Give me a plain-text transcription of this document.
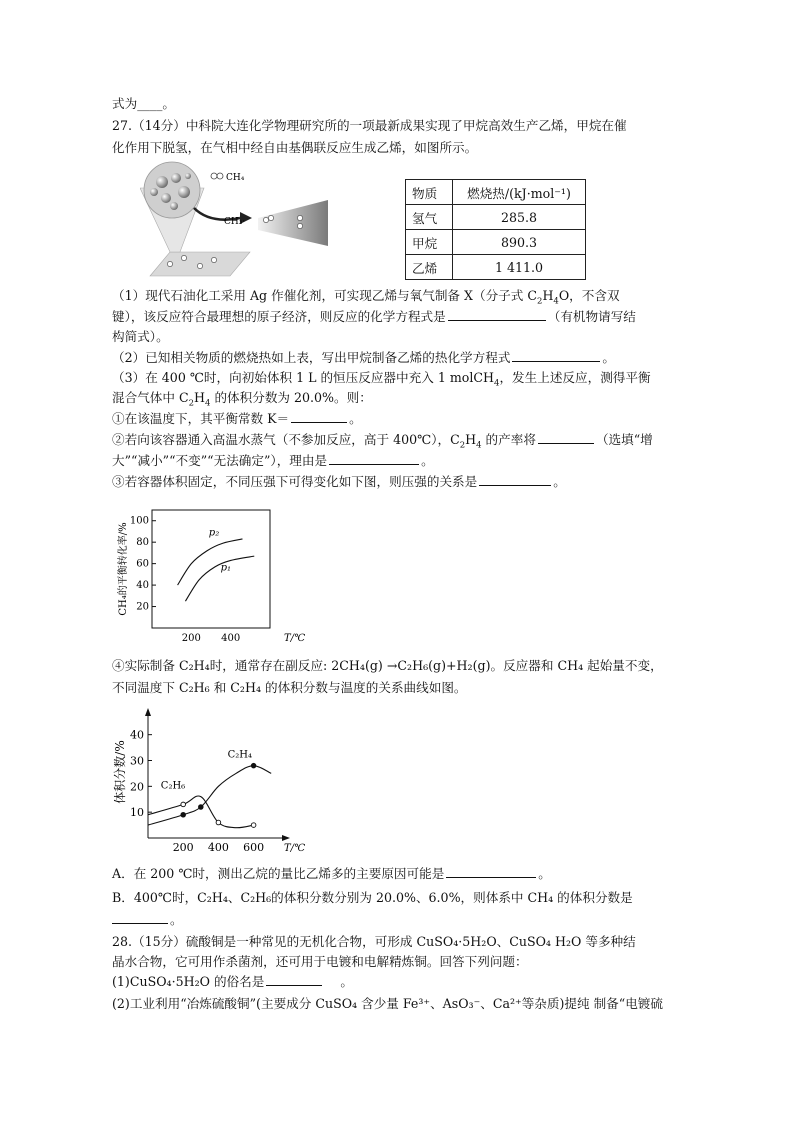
式为____。
27.（14分）中科院大连化学物理研究所的一项最新成果实现了甲烷高效生产乙烯，甲烷在催
化作用下脱氢，在气相中经自由基偶联反应生成乙烯，如图所示。
CH₄
CH₃·
物质	燃烧热/(kJ·mol⁻¹)
氢气	285.8
甲烷	890.3
乙烯	1 411.0
（1）现代石油化工采用 Ag 作催化剂，可实现乙烯与氧气制备 X（分子式 $C_2H_4O$，不含双
键），该反应符合最理想的原子经济，则反应的化学方程式是	（有机物请写结
构简式）。
（2）已知相关物质的燃烧热如上表，写出甲烷制备乙烯的热化学方程式	。
（3）在 400 ℃时，向初始体积 1 L 的恒压反应器中充入 1 molCH$_4$，发生上述反应，测得平衡
混合气体中 $C_2H_4$ 的体积分数为 20.0%。则：
①在该温度下，其平衡常数 K＝	。
②若向该容器通入高温水蒸气（不参加反应，高于 400℃），$C_2H_4$ 的产率将	（选填“增
大”“减小”“不变”“无法确定”），理由是	。
③若容器体积固定，不同压强下可得变化如下图，则压强的关系是	。
20
40
60
80
100
200 400	T/℃
CH₄的平衡转化率/%	p₂
p₁
④实际制备 C₂H₄时，通常存在副反应: 2CH₄(g) →C₂H₆(g)+H₂(g)。反应器和 CH₄ 起始量不变，
不同温度下 C₂H₆ 和 C₂H₄ 的体积分数与温度的关系曲线如图。
10
20
30
40
200 400 600 T/℃
体积分数/%	C₂H₄
C₂H₆
A．在 200 ℃时，测出乙烷的量比乙烯多的主要原因可能是	。
B．400℃时，C₂H₄、C₂H₆的体积分数分别为 20.0%、6.0%，则体系中 CH₄ 的体积分数是
。
28.（15分）硫酸铜是一种常见的无机化合物，可形成 CuSO₄·5H₂O、CuSO₄ H₂O 等多种结
晶水合物，它可用作杀菌剂，还可用于电镀和电解精炼铜。回答下列问题：
(1)CuSO₄·5H₂O 的俗名是	。
(2)工业利用“冶炼硫酸铜”(主要成分 CuSO₄ 含少量 Fe³⁺、AsO₃⁻、Ca²⁺等杂质)提纯 制备“电镀硫
